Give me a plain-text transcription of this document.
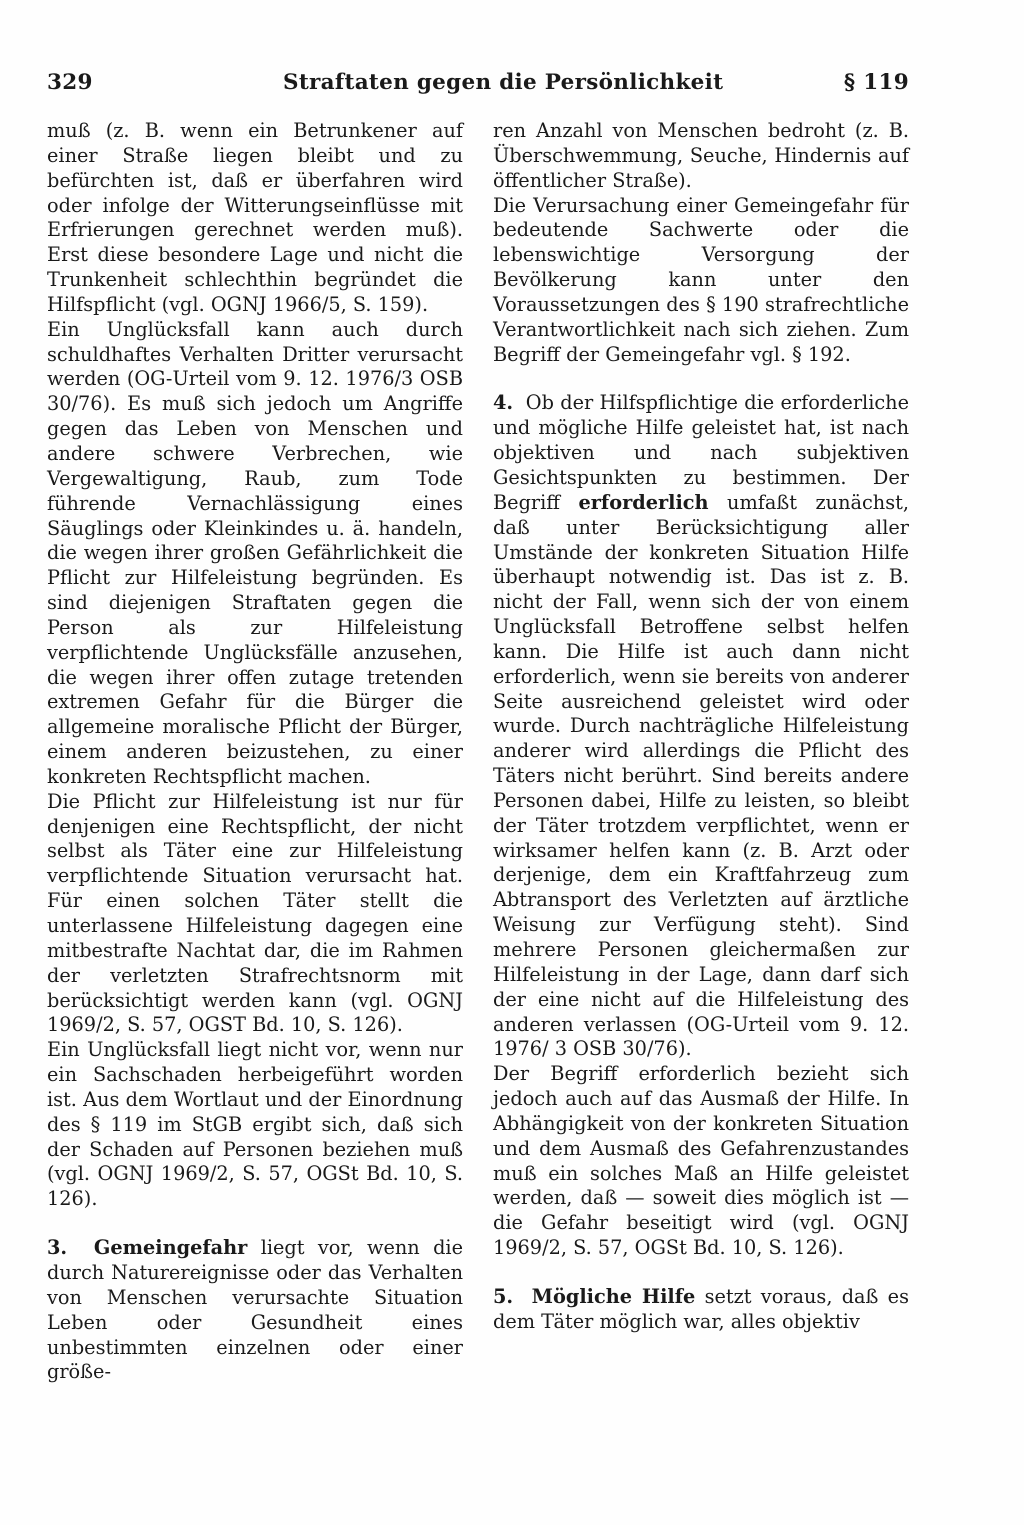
329	Straftaten gegen die Persönlichkeit	§ 119

muß (z. B. wenn ein Betrunkener auf einer Straße liegen bleibt und zu befürchten ist, daß er überfahren wird oder infolge der Witterungseinflüsse mit Erfrierungen gerechnet werden muß). Erst diese besondere Lage und nicht die Trunkenheit schlechthin begründet die Hilfspflicht (vgl. OGNJ 1966/5, S. 159).

Ein Unglücksfall kann auch durch schuldhaftes Verhalten Dritter verursacht werden (OG-Urteil vom 9. 12. 1976/3 OSB 30/76). Es muß sich jedoch um Angriffe gegen das Leben von Menschen und andere schwere Verbrechen, wie Vergewaltigung, Raub, zum Tode führende Vernachlässigung eines Säuglings oder Kleinkindes u. ä. handeln, die wegen ihrer großen Gefährlichkeit die Pflicht zur Hilfeleistung begründen. Es sind diejenigen Straftaten gegen die Person als zur Hilfeleistung verpflichtende Unglücksfälle anzusehen, die wegen ihrer offen zutage tretenden extremen Gefahr für die Bürger die allgemeine moralische Pflicht der Bürger, einem anderen beizustehen, zu einer konkreten Rechtspflicht machen.

Die Pflicht zur Hilfeleistung ist nur für denjenigen eine Rechtspflicht, der nicht selbst als Täter eine zur Hilfeleistung verpflichtende Situation verursacht hat. Für einen solchen Täter stellt die unterlassene Hilfeleistung dagegen eine mitbestrafte Nachtat dar, die im Rahmen der verletzten Strafrechtsnorm mit berücksichtigt werden kann (vgl. OGNJ 1969/2, S. 57, OGST Bd. 10, S. 126).

Ein Unglücksfall liegt nicht vor, wenn nur ein Sachschaden herbeigeführt worden ist. Aus dem Wortlaut und der Einordnung des § 119 im StGB ergibt sich, daß sich der Schaden auf Personen beziehen muß (vgl. OGNJ 1969/2, S. 57, OGSt Bd. 10, S. 126).

3. Gemeingefahr liegt vor, wenn die durch Naturereignisse oder das Verhalten von Menschen verursachte Situation Leben oder Gesundheit eines unbestimmten einzelnen oder einer größe-

ren Anzahl von Menschen bedroht (z. B. Überschwemmung, Seuche, Hindernis auf öffentlicher Straße).

Die Verursachung einer Gemeingefahr für bedeutende Sachwerte oder die lebenswichtige Versorgung der Bevölkerung kann unter den Voraussetzungen des § 190 strafrechtliche Verantwortlichkeit nach sich ziehen. Zum Begriff der Gemeingefahr vgl. § 192.

4. Ob der Hilfspflichtige die erforderliche und mögliche Hilfe geleistet hat, ist nach objektiven und nach subjektiven Gesichtspunkten zu bestimmen. Der Begriff erforderlich umfaßt zunächst, daß unter Berücksichtigung aller Umstände der konkreten Situation Hilfe überhaupt notwendig ist. Das ist z. B. nicht der Fall, wenn sich der von einem Unglücksfall Betroffene selbst helfen kann. Die Hilfe ist auch dann nicht erforderlich, wenn sie bereits von anderer Seite ausreichend geleistet wird oder wurde. Durch nachträgliche Hilfeleistung anderer wird allerdings die Pflicht des Täters nicht berührt. Sind bereits andere Personen dabei, Hilfe zu leisten, so bleibt der Täter trotzdem verpflichtet, wenn er wirksamer helfen kann (z. B. Arzt oder derjenige, dem ein Kraftfahrzeug zum Abtransport des Verletzten auf ärztliche Weisung zur Verfügung steht). Sind mehrere Personen gleichermaßen zur Hilfeleistung in der Lage, dann darf sich der eine nicht auf die Hilfeleistung des anderen verlassen (OG-Urteil vom 9. 12. 1976/ 3 OSB 30/76).

Der Begriff erforderlich bezieht sich jedoch auch auf das Ausmaß der Hilfe. In Abhängigkeit von der konkreten Situation und dem Ausmaß des Gefahrenzustandes muß ein solches Maß an Hilfe geleistet werden, daß — soweit dies möglich ist — die Gefahr beseitigt wird (vgl. OGNJ 1969/2, S. 57, OGSt Bd. 10, S. 126).

5. Mögliche Hilfe setzt voraus, daß es dem Täter möglich war, alles objektiv
